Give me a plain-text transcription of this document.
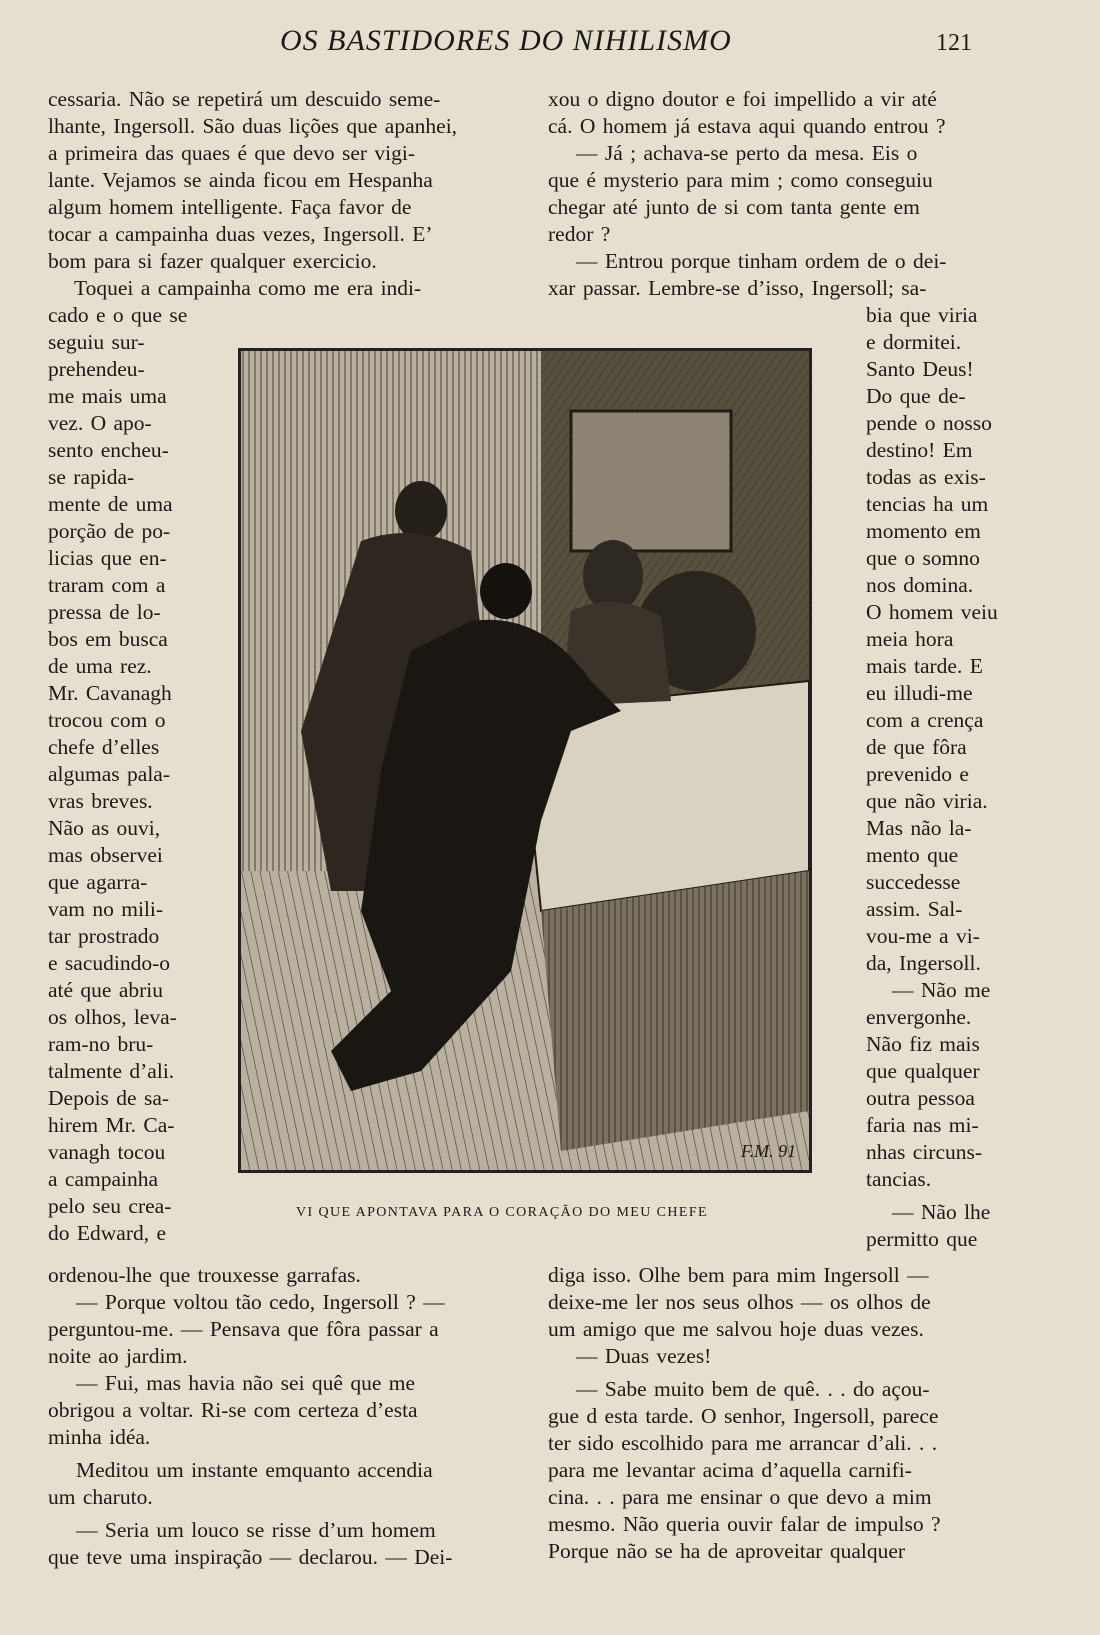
OS BASTIDORES DO NIHILISMO	121
cessaria. Não se repetirá um descuido seme-
lhante, Ingersoll. São duas lições que apanhei,
a primeira das quaes é que devo ser vigi-
lante. Vejamos se ainda ficou em Hespanha
algum homem intelligente. Faça favor de
tocar a campainha duas vezes, Ingersoll. E’
bom para si fazer qualquer exercicio.
Toquei a campainha como me era indi-
cado e o que se
seguiu sur-
prehendeu-
me mais uma
vez. O apo-
sento encheu-
se rapida-
mente de uma
porção de po-
licias que en-
traram com a
pressa de lo-
bos em busca
de uma rez.
Mr. Cavanagh
trocou com o
chefe d’elles
algumas pala-
vras breves.
Não as ouvi,
mas observei
que agarra-
vam no mili-
tar prostrado
e sacudindo-o
até que abriu
os olhos, leva-
ram-no bru-
talmente d’ali.
Depois de sa-
hirem Mr. Ca-
vanagh tocou
a campainha
pelo seu crea-
do Edward, e
ordenou-lhe que trouxesse garrafas.
— Porque voltou tão cedo, Ingersoll ? —
perguntou-me. — Pensava que fôra passar a
noite ao jardim.
— Fui, mas havia não sei quê que me
obrigou a voltar. Ri-se com certeza d’esta
minha idéa.
Meditou um instante emquanto accendia
um charuto.
— Seria um louco se risse d’um homem
que teve uma inspiração — declarou. — Dei-
xou o digno doutor e foi impellido a vir até
cá. O homem já estava aqui quando entrou ?
— Já ; achava-se perto da mesa. Eis o
que é mysterio para mim ; como conseguiu
chegar até junto de si com tanta gente em
redor ?
— Entrou porque tinham ordem de o dei-
xar passar. Lembre-se d’isso, Ingersoll; sa-
bia que viria
e dormitei.
Santo Deus!
Do que de-
pende o nosso
destino! Em
todas as exis-
tencias ha um
momento em
que o somno
nos domina.
O homem veiu
meia hora
mais tarde. E
eu illudi-me
com a crença
de que fôra
prevenido e
que não viria.
Mas não la-
mento que
succedesse
assim. Sal-
vou-me a vi-
da, Ingersoll.
— Não me
envergonhe.
Não fiz mais
que qualquer
outra pessoa
faria nas mi-
nhas circuns-
tancias.
— Não lhe
permitto que
diga isso. Olhe bem para mim Ingersoll —
deixe-me ler nos seus olhos — os olhos de
um amigo que me salvou hoje duas vezes.
— Duas vezes!
— Sabe muito bem de quê. . . do açou-
gue d esta tarde. O senhor, Ingersoll, parece
ter sido escolhido para me arrancar d’ali. . .
para me levantar acima d’aquella carnifi-
cina. . . para me ensinar o que devo a mim
mesmo. Não queria ouvir falar de impulso ?
Porque não se ha de aproveitar qualquer
F.M. 91
VI QUE APONTAVA PARA O CORAÇÃO DO MEU CHEFE
